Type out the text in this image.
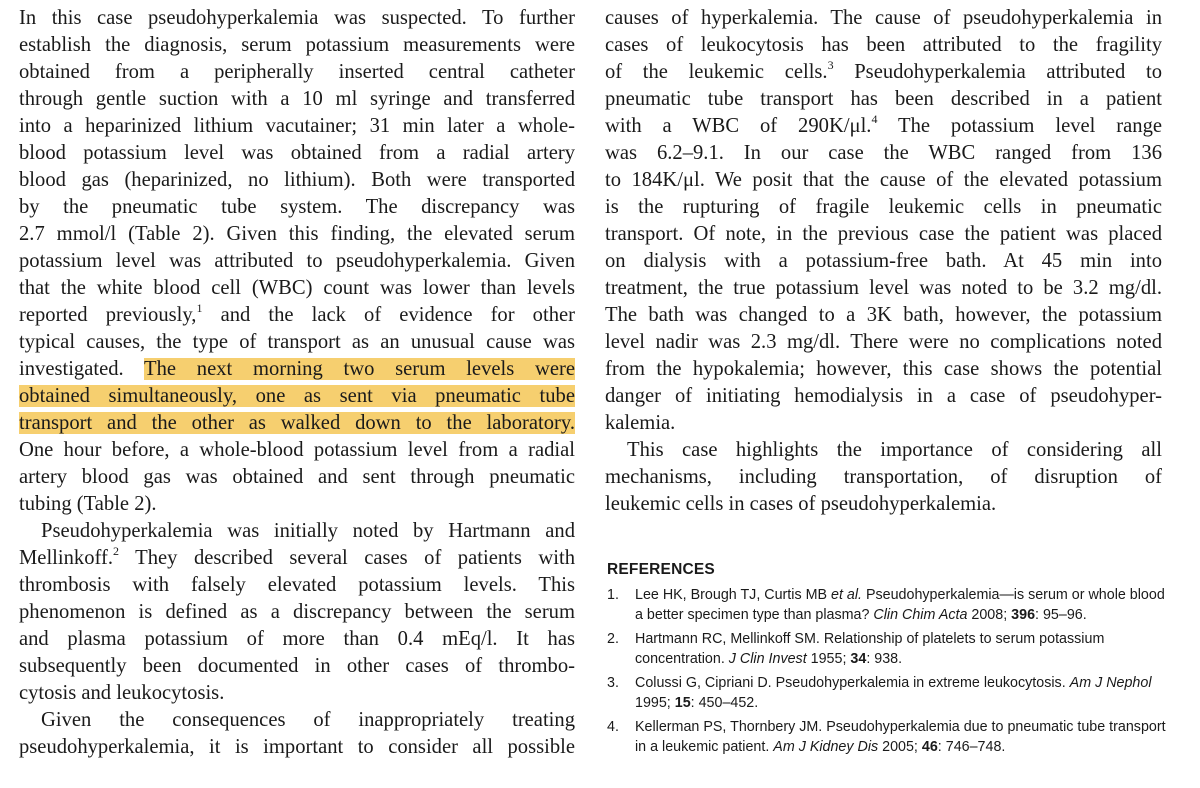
In this case pseudohyperkalemia was suspected. To further
establish the diagnosis, serum potassium measurements were
obtained from a peripherally inserted central catheter
through gentle suction with a 10 ml syringe and transferred
into a heparinized lithium vacutainer; 31 min later a whole-
blood potassium level was obtained from a radial artery
blood gas (heparinized, no lithium). Both were transported
by the pneumatic tube system. The discrepancy was
2.7 mmol/l (Table 2). Given this finding, the elevated serum
potassium level was attributed to pseudohyperkalemia. Given
that the white blood cell (WBC) count was lower than levels
reported previously,$^1$ and the lack of evidence for other
typical causes, the type of transport as an unusual cause was
investigated. The next morning two serum levels were
obtained simultaneously, one as sent via pneumatic tube
transport and the other as walked down to the laboratory.
One hour before, a whole-blood potassium level from a radial
artery blood gas was obtained and sent through pneumatic
tubing (Table 2).
Pseudohyperkalemia was initially noted by Hartmann and
Mellinkoff.$^2$ They described several cases of patients with
thrombosis with falsely elevated potassium levels. This
phenomenon is defined as a discrepancy between the serum
and plasma potassium of more than 0.4 mEq/l. It has
subsequently been documented in other cases of thrombo-
cytosis and leukocytosis.
Given the consequences of inappropriately treating
pseudohyperkalemia, it is important to consider all possible
causes of hyperkalemia. The cause of pseudohyperkalemia in
cases of leukocytosis has been attributed to the fragility
of the leukemic cells.$^3$ Pseudohyperkalemia attributed to
pneumatic tube transport has been described in a patient
with a WBC of 290K/μl.$^4$ The potassium level range
was 6.2–9.1. In our case the WBC ranged from 136
to 184K/μl. We posit that the cause of the elevated potassium
is the rupturing of fragile leukemic cells in pneumatic
transport. Of note, in the previous case the patient was placed
on dialysis with a potassium-free bath. At 45 min into
treatment, the true potassium level was noted to be 3.2 mg/dl.
The bath was changed to a 3K bath, however, the potassium
level nadir was 2.3 mg/dl. There were no complications noted
from the hypokalemia; however, this case shows the potential
danger of initiating hemodialysis in a case of pseudohyper-
kalemia.
This case highlights the importance of considering all
mechanisms, including transportation, of disruption of
leukemic cells in cases of pseudohyperkalemia.
REFERENCES
1. Lee HK, Brough TJ, Curtis MB et al. Pseudohyperkalemia—is serum or whole blood a better specimen type than plasma? Clin Chim Acta 2008; 396: 95–96.
2. Hartmann RC, Mellinkoff SM. Relationship of platelets to serum potassium concentration. J Clin Invest 1955; 34: 938.
3. Colussi G, Cipriani D. Pseudohyperkalemia in extreme leukocytosis. Am J Nephol 1995; 15: 450–452.
4. Kellerman PS, Thornbery JM. Pseudohyperkalemia due to pneumatic tube transport in a leukemic patient. Am J Kidney Dis 2005; 46: 746–748.
